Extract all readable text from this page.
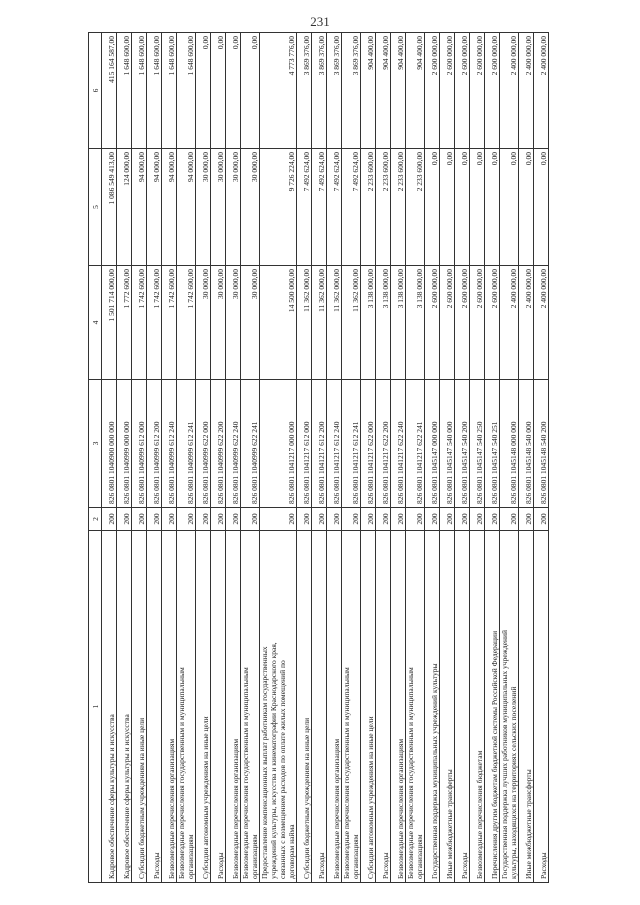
231
1	2	3	4	5	6

Кадровое обеспечение сферы культуры и искусства	200	826 0801 1040900 000 000	1 501 714 000,00	1 086 549 413,00	415 164 587,00

Кадровое обеспечение сферы культуры и искусства	200	826 0801 1040999 000 000	1 772 600,00	124 000,00	1 648 600,00

Субсидии бюджетным учреждениям на иные цели	200	826 0801 1040999 612 000	1 742 600,00	94 000,00	1 648 600,00

Расходы	200	826 0801 1040999 612 200	1 742 600,00	94 000,00	1 648 600,00

Безвозмездные перечисления организациям	200	826 0801 1040999 612 240	1 742 600,00	94 000,00	1 648 600,00

Безвозмездные перечисления государственным и муниципальным организациям	200	826 0801 1040999 612 241	1 742 600,00	94 000,00	1 648 600,00

Субсидии автономным учреждениям на иные цели	200	826 0801 1040999 622 000	30 000,00	30 000,00	0,00

Расходы	200	826 0801 1040999 622 200	30 000,00	30 000,00	0,00

Безвозмездные перечисления организациям	200	826 0801 1040999 622 240	30 000,00	30 000,00	0,00

Безвозмездные перечисления государственным и муниципальным организациям	200	826 0801 1040999 622 241	30 000,00	30 000,00	0,00

Предоставление компенсационных выплат работникам государственных учреждений культуры, искусства и кинематографии Краснодарского края, связанных с возмещением расходов по оплате жилых помещений по договорам найма	200	826 0801 1041217 000 000	14 500 000,00	9 726 224,00	4 773 776,00

Субсидии бюджетным учреждениям на иные цели	200	826 0801 1041217 612 000	11 362 000,00	7 492 624,00	3 869 376,00

Расходы	200	826 0801 1041217 612 200	11 362 000,00	7 492 624,00	3 869 376,00

Безвозмездные перечисления организациям	200	826 0801 1041217 612 240	11 362 000,00	7 492 624,00	3 869 376,00

Безвозмездные перечисления государственным и муниципальным организациям	200	826 0801 1041217 612 241	11 362 000,00	7 492 624,00	3 869 376,00

Субсидии автономным учреждениям на иные цели	200	826 0801 1041217 622 000	3 138 000,00	2 233 600,00	904 400,00

Расходы	200	826 0801 1041217 622 200	3 138 000,00	2 233 600,00	904 400,00

Безвозмездные перечисления организациям	200	826 0801 1041217 622 240	3 138 000,00	2 233 600,00	904 400,00

Безвозмездные перечисления государственным и муниципальным организациям	200	826 0801 1041217 622 241	3 138 000,00	2 233 600,00	904 400,00

Государственная поддержка муниципальных учреждений культуры	200	826 0801 1045147 000 000	2 600 000,00	0,00	2 600 000,00

Иные межбюджетные трансферты	200	826 0801 1045147 540 000	2 600 000,00	0,00	2 600 000,00

Расходы	200	826 0801 1045147 540 200	2 600 000,00	0,00	2 600 000,00

Безвозмездные перечисления бюджетам	200	826 0801 1045147 540 250	2 600 000,00	0,00	2 600 000,00

Перечисления другим бюджетам бюджетной системы Российской Федерации	200	826 0801 1045147 540 251	2 600 000,00	0,00	2 600 000,00

Государственная поддержка лучших работников муниципальных учреждений культуры, находящихся на территориях сельских поселений	200	826 0801 1045148 000 000	2 400 000,00	0,00	2 400 000,00

Иные межбюджетные трансферты	200	826 0801 1045148 540 000	2 400 000,00	0,00	2 400 000,00

Расходы	200	826 0801 1045148 540 200	2 400 000,00	0,00	2 400 000,00
